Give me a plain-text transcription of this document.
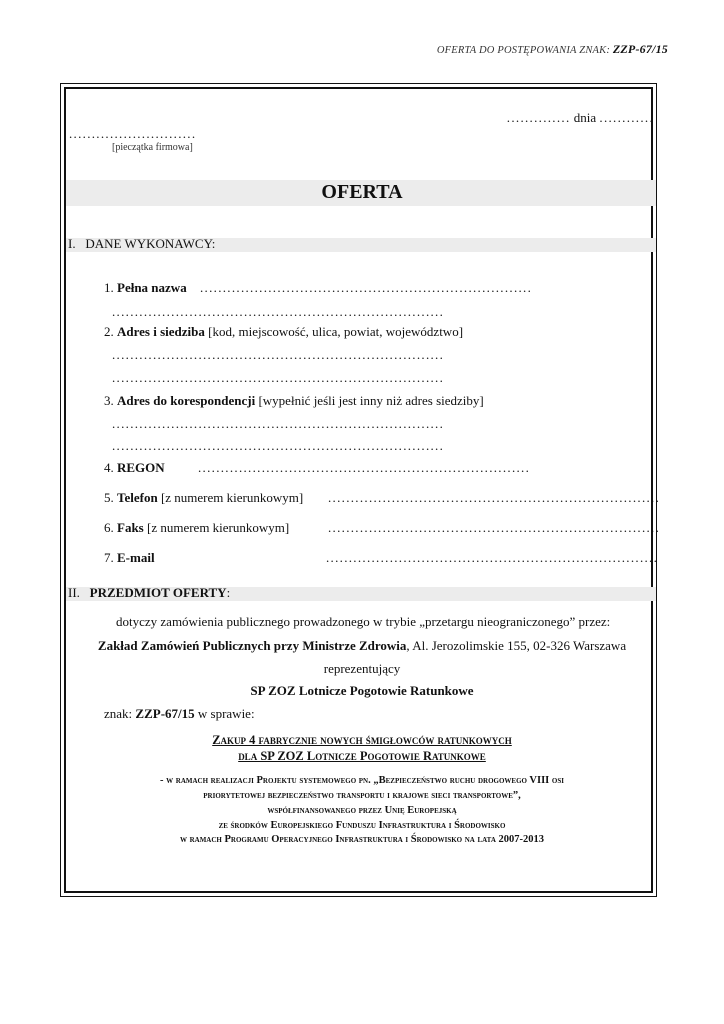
OFERTA DO POSTĘPOWANIA ZNAK: ZZP-67/15
.............. dnia ............
............................
[pieczątka firmowa]
OFERTA
I. DANE WYKONAWCY:
1. Pełna nazwa .........................................................................
.........................................................................
2. Adres i siedziba [kod, miejscowość, ulica, powiat, województwo]
.........................................................................
.........................................................................
3. Adres do korespondencji [wypełnić jeśli jest inny niż adres siedziby]
.........................................................................
.........................................................................
4. REGON	.........................................................................
5. Telefon [z numerem kierunkowym] .........................................................................
6. Faks [z numerem kierunkowym]	.........................................................................
7. E-mail	.........................................................................
II. PRZEDMIOT OFERTY:
dotyczy zamówienia publicznego prowadzonego w trybie „przetargu nieograniczonego” przez:
Zakład Zamówień Publicznych przy Ministrze Zdrowia, Al. Jerozolimskie 155, 02-326 Warszawa
reprezentujący
SP ZOZ Lotnicze Pogotowie Ratunkowe
znak: ZZP-67/15 w sprawie:
Zakup 4 fabrycznie nowych śmigłowców ratunkowych
dla SP ZOZ Lotnicze Pogotowie Ratunkowe
- w ramach realizacji Projektu systemowego pn. „Bezpieczeństwo ruchu drogowego VIII osi
priorytetowej bezpieczeństwo transportu i krajowe sieci transportowe”,
współfinansowanego przez Unię Europejską
ze środków Europejskiego Funduszu Infrastruktura i Środowisko
w ramach Programu Operacyjnego Infrastruktura i Środowisko na lata 2007-2013
